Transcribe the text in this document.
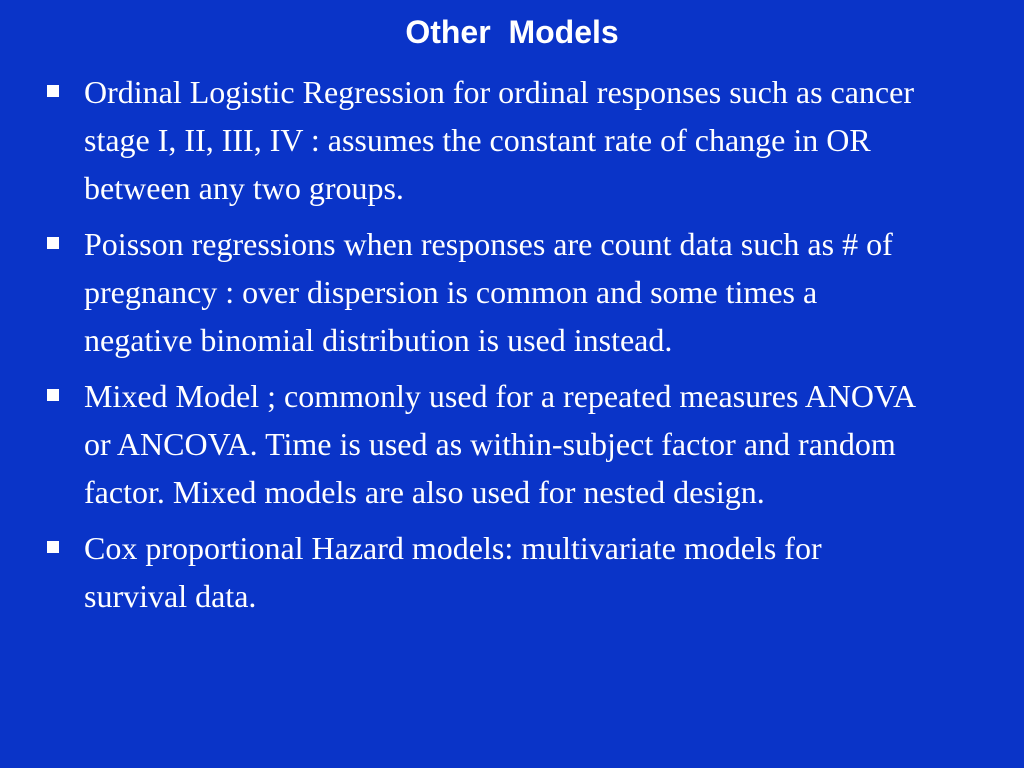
Other  Models
Ordinal Logistic Regression for ordinal responses such as cancer stage I, II, III, IV : assumes the constant rate of change in OR between any two groups.
Poisson regressions when responses are count data such as # of pregnancy : over dispersion is common and some times a negative binomial distribution is used instead.
Mixed Model ; commonly used for a repeated measures ANOVA or ANCOVA. Time is used as within-subject factor and random factor. Mixed models are also used for nested design.
Cox proportional Hazard models: multivariate models for survival data.
